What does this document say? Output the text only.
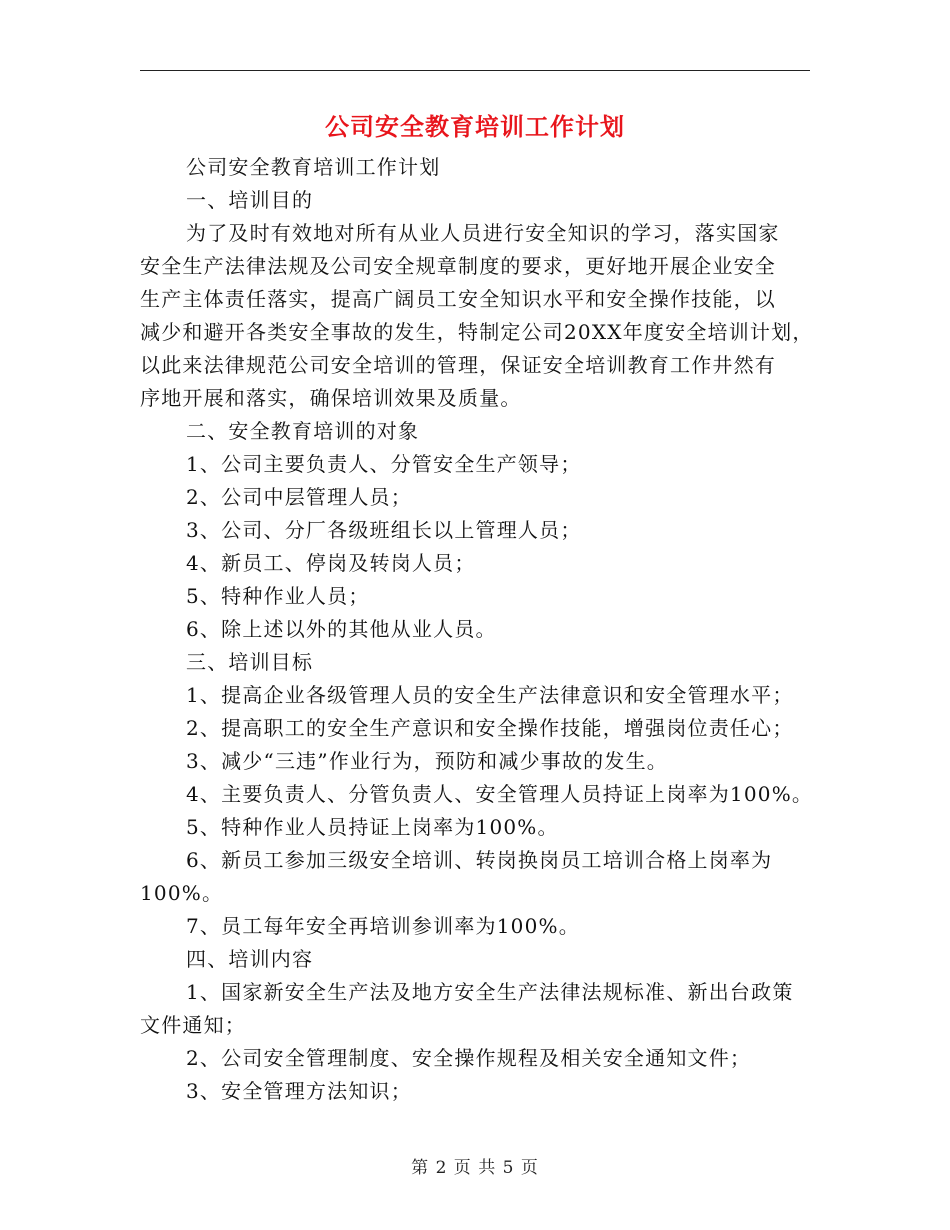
公司安全教育培训工作计划
公司安全教育培训工作计划
一、培训目的
为了及时有效地对所有从业人员进行安全知识的学习，落实国家
安全生产法律法规及公司安全规章制度的要求，更好地开展企业安全
生产主体责任落实，提高广阔员工安全知识水平和安全操作技能，以
减少和避开各类安全事故的发生，特制定公司20XX年度安全培训计划，
以此来法律规范公司安全培训的管理，保证安全培训教育工作井然有
序地开展和落实，确保培训效果及质量。
二、安全教育培训的对象
1、公司主要负责人、分管安全生产领导；
2、公司中层管理人员；
3、公司、分厂各级班组长以上管理人员；
4、新员工、停岗及转岗人员；
5、特种作业人员；
6、除上述以外的其他从业人员。
三、培训目标
1、提高企业各级管理人员的安全生产法律意识和安全管理水平；
2、提高职工的安全生产意识和安全操作技能，增强岗位责任心；
3、减少“三违”作业行为，预防和减少事故的发生。
4、主要负责人、分管负责人、安全管理人员持证上岗率为100%。
5、特种作业人员持证上岗率为100%。
6、新员工参加三级安全培训、转岗换岗员工培训合格上岗率为
100%。
7、员工每年安全再培训参训率为100%。
四、培训内容
1、国家新安全生产法及地方安全生产法律法规标准、新出台政策
文件通知；
2、公司安全管理制度、安全操作规程及相关安全通知文件；
3、安全管理方法知识；
第 2 页 共 5 页
